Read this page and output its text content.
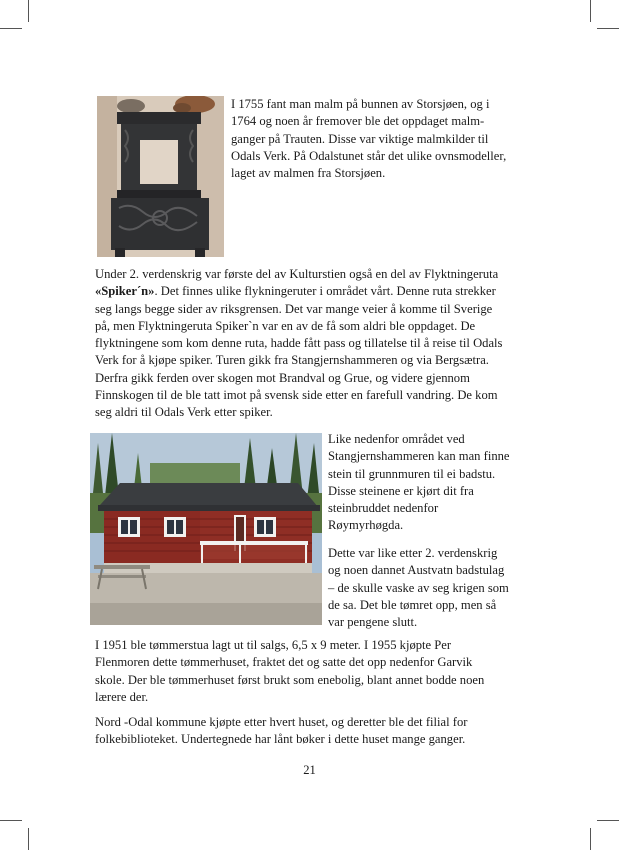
I 1755 fant man malm på bunnen av Storsjøen, og i

1764 og noen år fremover ble det oppdaget malm-

ganger på Trauten. Disse var viktige malmkilder til

Odals Verk. På Odalstunet står det ulike ovnsmodeller,

laget av malmen fra Storsjøen.

Under 2. verdenskrig var første del av Kulturstien også en del av Flyktningeruta

«Spiker´n». Det finnes ulike flykningeruter i området vårt. Denne ruta strekker

seg langs begge sider av riksgrensen. Det var mange veier å komme til Sverige

på, men Flyktningeruta Spiker`n var en av de få som aldri ble oppdaget. De

flyktningene som kom denne ruta, hadde fått pass og tillatelse til å reise til Odals

Verk for å kjøpe spiker. Turen gikk fra Stangjernshammeren og via Bergsætra.

Derfra gikk ferden over skogen mot Brandval og Grue, og videre gjennom

Finnskogen til de ble tatt imot på svensk side etter en farefull vandring. De kom

seg aldri til Odals Verk etter spiker.

Like nedenfor området ved

Stangjernshammeren kan man finne

stein til grunnmuren til ei badstu.

Disse steinene er kjørt dit fra

steinbruddet nedenfor

Røymyrhøgda.

Dette var like etter 2. verdenskrig

og noen dannet Austvatn badstulag

– de skulle vaske av seg krigen som

de sa. Det ble tømret opp, men så

var pengene slutt.

I 1951 ble tømmerstua lagt ut til salgs, 6,5 x 9 meter. I 1955 kjøpte Per

Flenmoren dette tømmerhuset, fraktet det og satte det opp nedenfor Garvik

skole. Der ble tømmerhuset først brukt som enebolig, blant annet bodde noen

lærere der.

Nord -Odal kommune kjøpte etter hvert huset, og deretter ble det filial for

folkebiblioteket. Undertegnede har lånt bøker i dette huset mange ganger.

21
